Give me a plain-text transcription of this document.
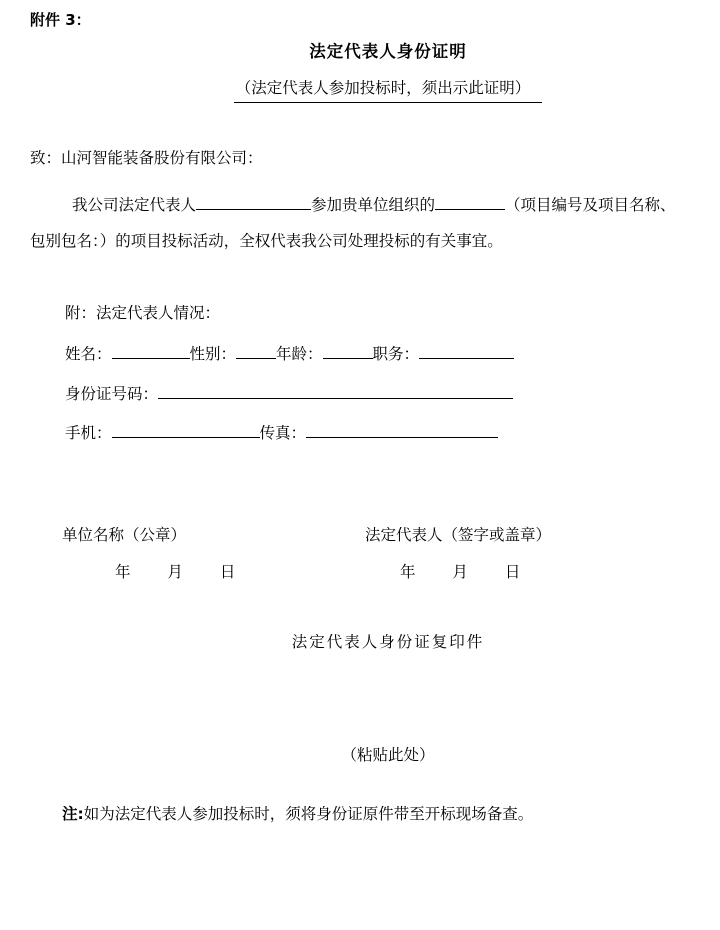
附件 3：
法定代表人身份证明
（法定代表人参加投标时，须出示此证明）
致：山河智能装备股份有限公司：
我公司法定代表人	参加贵单位组织的	（项目编号及项目名称、
包别包名：）的项目投标活动，全权代表我公司处理投标的有关事宜。
附：法定代表人情况：
姓名：	性别：	年龄：	职务：
身份证号码：
手机：	传真：
单位名称（公章）	法定代表人（签字或盖章）
年 月 日	年 月 日
法定代表人身份证复印件
（粘贴此处）
注:如为法定代表人参加投标时，须将身份证原件带至开标现场备查。
